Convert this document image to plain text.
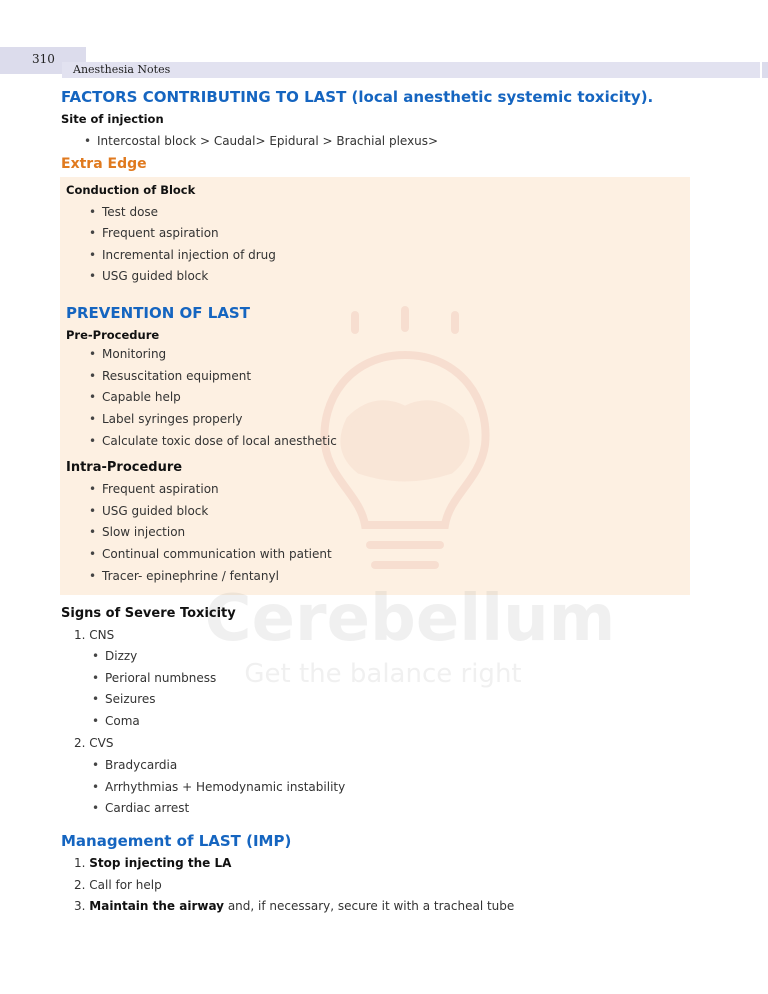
310
Anesthesia Notes
Cerebellum
Get the balance right
FACTORS CONTRIBUTING TO LAST (local anesthetic systemic toxicity).
Site of injection
• Intercostal block > Caudal> Epidural > Brachial plexus>
Extra Edge
Conduction of Block
• Test dose
• Frequent aspiration
• Incremental injection of drug
• USG guided block
PREVENTION OF LAST
Pre-Procedure
• Monitoring
• Resuscitation equipment
• Capable help
• Label syringes properly
• Calculate toxic dose of local anesthetic
Intra-Procedure
• Frequent aspiration
• USG guided block
• Slow injection
• Continual communication with patient
• Tracer- epinephrine / fentanyl
Signs of Severe Toxicity
1. CNS
• Dizzy
• Perioral numbness
• Seizures
• Coma
2. CVS
• Bradycardia
• Arrhythmias + Hemodynamic instability
• Cardiac arrest
Management of LAST (IMP)
1. Stop injecting the LA
2. Call for help
3. Maintain the airway and, if necessary, secure it with a tracheal tube
